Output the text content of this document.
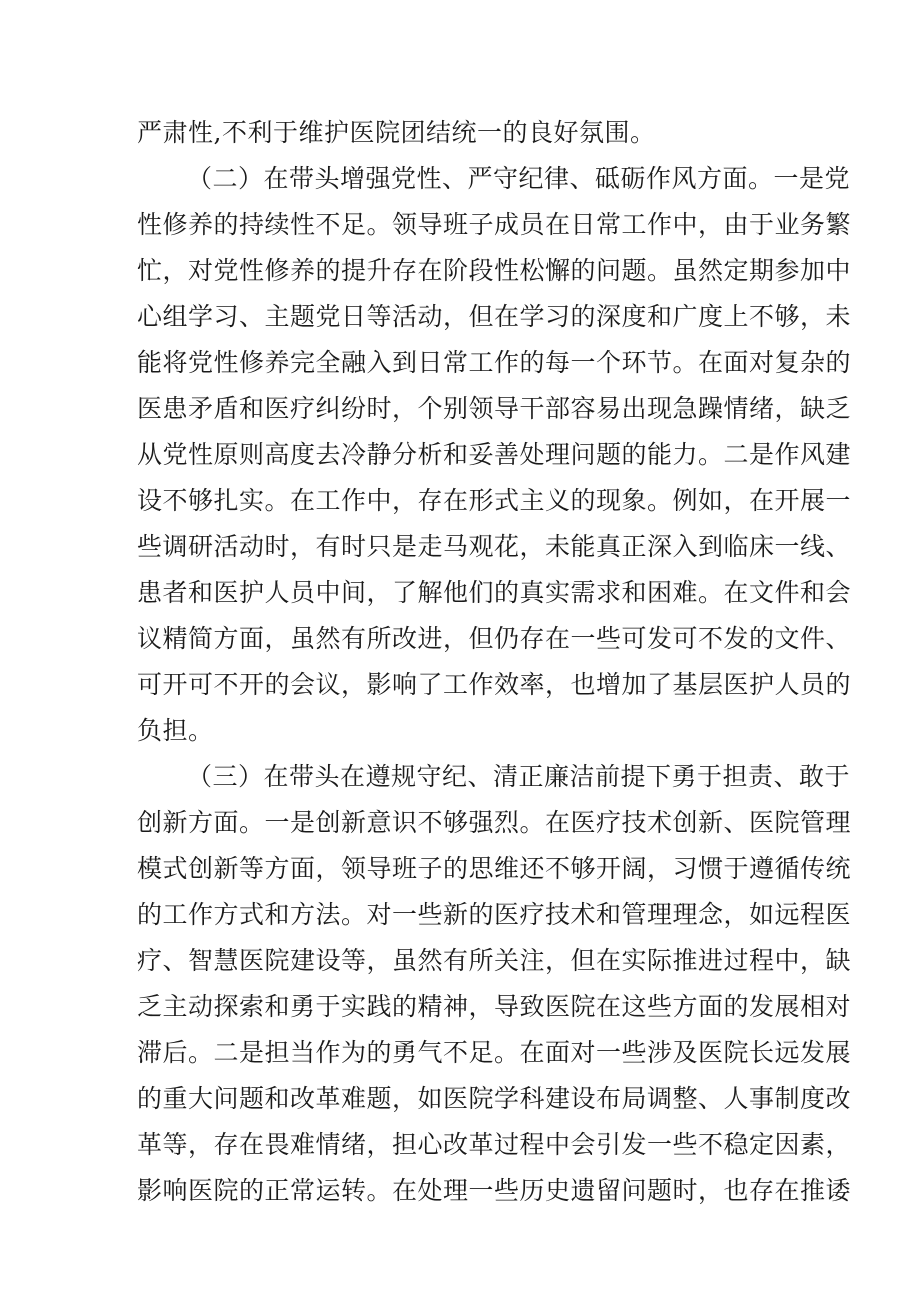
严肃性,不利于维护医院团结统一的良好氛围。
（二）在带头增强党性、严守纪律、砥砺作风方面。一是党
性修养的持续性不足。领导班子成员在日常工作中，由于业务繁
忙，对党性修养的提升存在阶段性松懈的问题。虽然定期参加中
心组学习、主题党日等活动，但在学习的深度和广度上不够，未
能将党性修养完全融入到日常工作的每一个环节。在面对复杂的
医患矛盾和医疗纠纷时，个别领导干部容易出现急躁情绪，缺乏
从党性原则高度去冷静分析和妥善处理问题的能力。二是作风建
设不够扎实。在工作中，存在形式主义的现象。例如，在开展一
些调研活动时，有时只是走马观花，未能真正深入到临床一线、
患者和医护人员中间，了解他们的真实需求和困难。在文件和会
议精简方面，虽然有所改进，但仍存在一些可发可不发的文件、
可开可不开的会议，影响了工作效率，也增加了基层医护人员的
负担。
（三）在带头在遵规守纪、清正廉洁前提下勇于担责、敢于
创新方面。一是创新意识不够强烈。在医疗技术创新、医院管理
模式创新等方面，领导班子的思维还不够开阔，习惯于遵循传统
的工作方式和方法。对一些新的医疗技术和管理理念，如远程医
疗、智慧医院建设等，虽然有所关注，但在实际推进过程中，缺
乏主动探索和勇于实践的精神，导致医院在这些方面的发展相对
滞后。二是担当作为的勇气不足。在面对一些涉及医院长远发展
的重大问题和改革难题，如医院学科建设布局调整、人事制度改
革等，存在畏难情绪，担心改革过程中会引发一些不稳定因素，
影响医院的正常运转。在处理一些历史遗留问题时，也存在推诿
